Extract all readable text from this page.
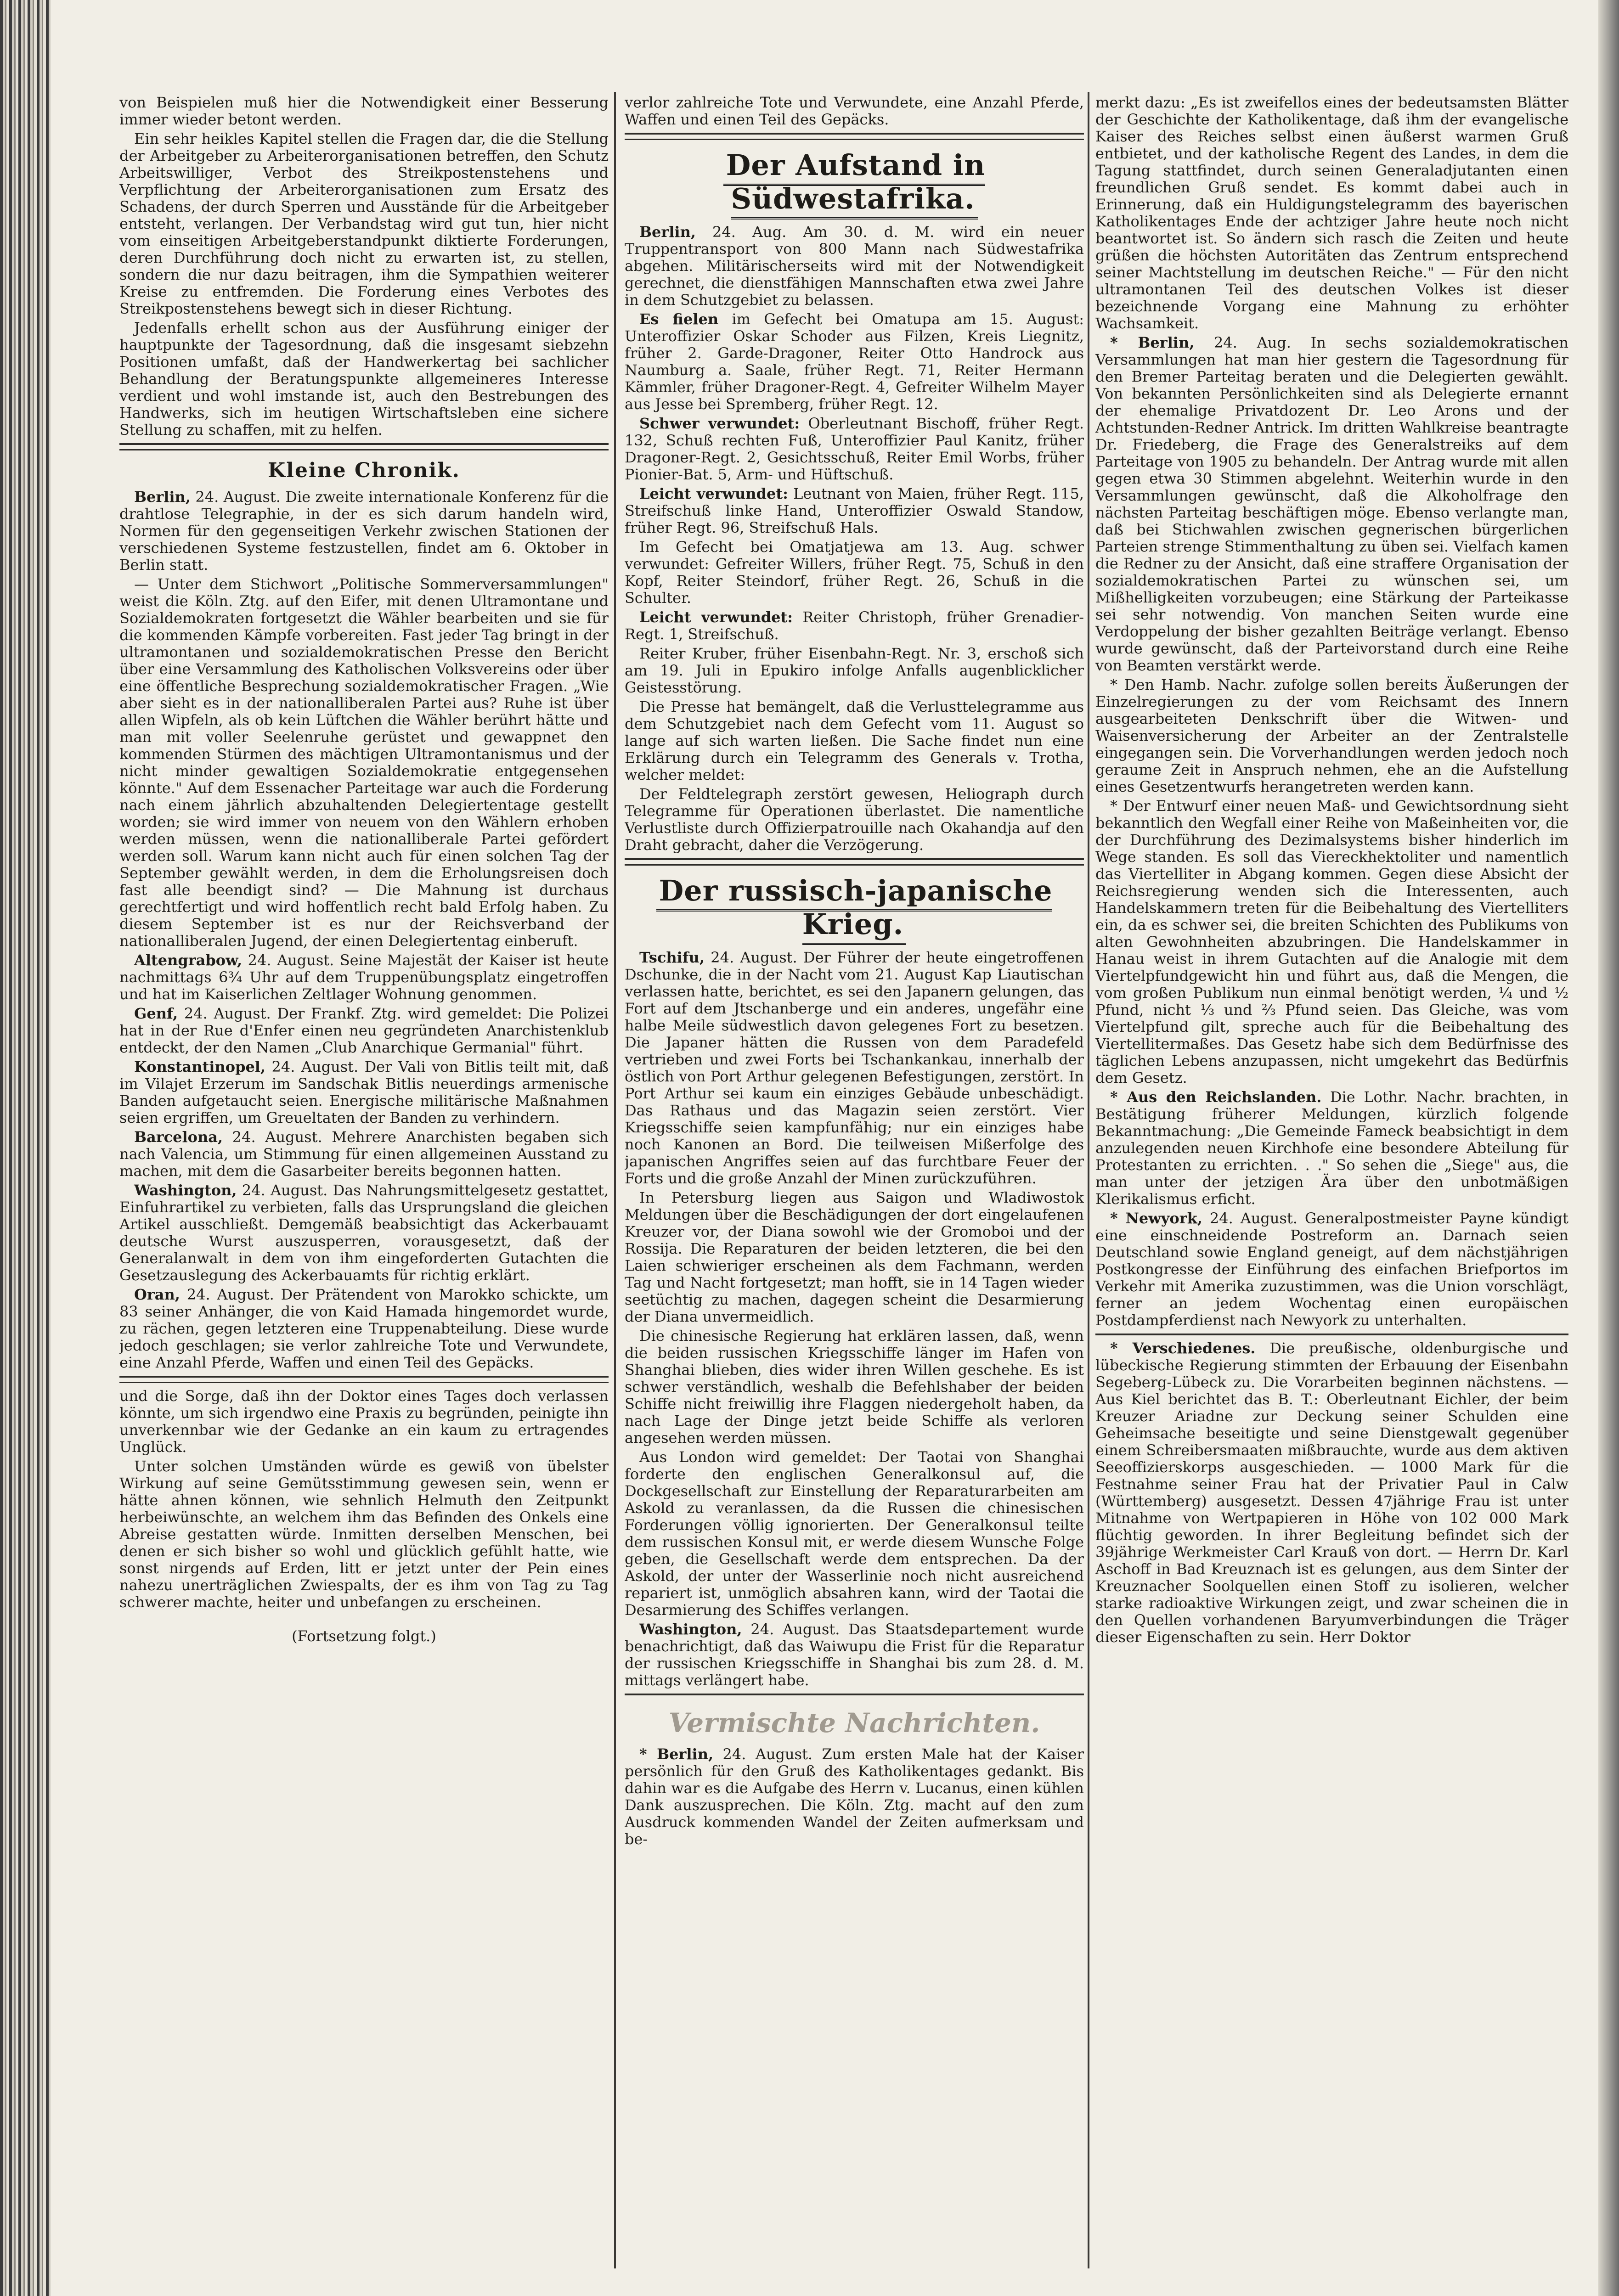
von Beispielen muß hier die Notwendigkeit einer Besserung immer wieder betont werden.

Ein sehr heikles Kapitel stellen die Fragen dar, die die Stellung der Arbeitgeber zu Arbeiterorganisationen betreffen, den Schutz Arbeitswilliger, Verbot des Streikpostenstehens und Verpflichtung der Arbeiterorganisationen zum Ersatz des Schadens, der durch Sperren und Ausstände für die Arbeitgeber entsteht, verlangen. Der Verbandstag wird gut tun, hier nicht vom einseitigen Arbeitgeberstandpunkt diktierte Forderungen, deren Durchführung doch nicht zu erwarten ist, zu stellen, sondern die nur dazu beitragen, ihm die Sympathien weiterer Kreise zu entfremden. Die Forderung eines Verbotes des Streikpostenstehens bewegt sich in dieser Richtung.

Jedenfalls erhellt schon aus der Ausführung einiger der hauptpunkte der Tagesordnung, daß die insgesamt siebzehn Positionen umfaßt, daß der Handwerkertag bei sachlicher Behandlung der Beratungspunkte allgemeineres Interesse verdient und wohl imstande ist, auch den Bestrebungen des Handwerks, sich im heutigen Wirtschaftsleben eine sichere Stellung zu schaffen, mit zu helfen.

Kleine Chronik.

Berlin, 24. August. Die zweite internationale Konferenz für die drahtlose Telegraphie, in der es sich darum handeln wird, Normen für den gegenseitigen Verkehr zwischen Stationen der verschiedenen Systeme festzustellen, findet am 6. Oktober in Berlin statt.

— Unter dem Stichwort „Politische Sommerversammlungen" weist die Köln. Ztg. auf den Eifer, mit denen Ultramontane und Sozialdemokraten fortgesetzt die Wähler bearbeiten und sie für die kommenden Kämpfe vorbereiten. Fast jeder Tag bringt in der ultramontanen und sozialdemokratischen Presse den Bericht über eine Versammlung des Katholischen Volksvereins oder über eine öffentliche Besprechung sozialdemokratischer Fragen. „Wie aber sieht es in der nationalliberalen Partei aus? Ruhe ist über allen Wipfeln, als ob kein Lüftchen die Wähler berührt hätte und man mit voller Seelenruhe gerüstet und gewappnet den kommenden Stürmen des mächtigen Ultramontanismus und der nicht minder gewaltigen Sozialdemokratie entgegensehen könnte." Auf dem Essenacher Parteitage war auch die Forderung nach einem jährlich abzuhaltenden Delegiertentage gestellt worden; sie wird immer von neuem von den Wählern erhoben werden müssen, wenn die nationalliberale Partei gefördert werden soll. Warum kann nicht auch für einen solchen Tag der September gewählt werden, in dem die Erholungsreisen doch fast alle beendigt sind? — Die Mahnung ist durchaus gerechtfertigt und wird hoffentlich recht bald Erfolg haben. Zu diesem September ist es nur der Reichsverband der nationalliberalen Jugend, der einen Delegiertentag einberuft.

Altengrabow, 24. August. Seine Majestät der Kaiser ist heute nachmittags 6¾ Uhr auf dem Truppenübungsplatz eingetroffen und hat im Kaiserlichen Zeltlager Wohnung genommen.

Genf, 24. August. Der Frankf. Ztg. wird gemeldet: Die Polizei hat in der Rue d'Enfer einen neu gegründeten Anarchistenklub entdeckt, der den Namen „Club Anarchique Germanial" führt.

Konstantinopel, 24. August. Der Vali von Bitlis teilt mit, daß im Vilajet Erzerum im Sandschak Bitlis neuerdings armenische Banden aufgetaucht seien. Energische militärische Maßnahmen seien ergriffen, um Greueltaten der Banden zu verhindern.

Barcelona, 24. August. Mehrere Anarchisten begaben sich nach Valencia, um Stimmung für einen allgemeinen Ausstand zu machen, mit dem die Gasarbeiter bereits begonnen hatten.

Washington, 24. August. Das Nahrungsmittelgesetz gestattet, Einfuhrartikel zu verbieten, falls das Ursprungsland die gleichen Artikel ausschließt. Demgemäß beabsichtigt das Ackerbauamt deutsche Wurst auszusperren, vorausgesetzt, daß der Generalanwalt in dem von ihm eingeforderten Gutachten die Gesetzauslegung des Ackerbauamts für richtig erklärt.

Oran, 24. August. Der Prätendent von Marokko schickte, um 83 seiner Anhänger, die von Kaid Hamada hingemordet wurde, zu rächen, gegen letzteren eine Truppenabteilung. Diese wurde jedoch geschlagen; sie verlor zahlreiche Tote und Verwundete, eine Anzahl Pferde, Waffen und einen Teil des Gepäcks.

und die Sorge, daß ihn der Doktor eines Tages doch verlassen könnte, um sich irgendwo eine Praxis zu begründen, peinigte ihn unverkennbar wie der Gedanke an ein kaum zu ertragendes Unglück.

Unter solchen Umständen würde es gewiß von übelster Wirkung auf seine Gemütsstimmung gewesen sein, wenn er hätte ahnen können, wie sehnlich Helmuth den Zeitpunkt herbeiwünschte, an welchem ihm das Befinden des Onkels eine Abreise gestatten würde. Inmitten derselben Menschen, bei denen er sich bisher so wohl und glücklich gefühlt hatte, wie sonst nirgends auf Erden, litt er jetzt unter der Pein eines nahezu unerträglichen Zwiespalts, der es ihm von Tag zu Tag schwerer machte, heiter und unbefangen zu erscheinen.

(Fortsetzung folgt.)

verlor zahlreiche Tote und Verwundete, eine Anzahl Pferde, Waffen und einen Teil des Gepäcks.

Der Aufstand in Südwestafrika.

Berlin, 24. Aug. Am 30. d. M. wird ein neuer Truppentransport von 800 Mann nach Südwestafrika abgehen. Militärischerseits wird mit der Notwendigkeit gerechnet, die dienstfähigen Mannschaften etwa zwei Jahre in dem Schutzgebiet zu belassen.

Es fielen im Gefecht bei Omatupa am 15. August: Unteroffizier Oskar Schoder aus Filzen, Kreis Liegnitz, früher 2. Garde-Dragoner, Reiter Otto Handrock aus Naumburg a. Saale, früher Regt. 71, Reiter Hermann Kämmler, früher Dragoner-Regt. 4, Gefreiter Wilhelm Mayer aus Jesse bei Spremberg, früher Regt. 12.

Schwer verwundet: Oberleutnant Bischoff, früher Regt. 132, Schuß rechten Fuß, Unteroffizier Paul Kanitz, früher Dragoner-Regt. 2, Gesichtsschuß, Reiter Emil Worbs, früher Pionier-Bat. 5, Arm- und Hüftschuß.

Leicht verwundet: Leutnant von Maien, früher Regt. 115, Streifschuß linke Hand, Unteroffizier Oswald Standow, früher Regt. 96, Streifschuß Hals.

Im Gefecht bei Omatjatjewa am 13. Aug. schwer verwundet: Gefreiter Willers, früher Regt. 75, Schuß in den Kopf, Reiter Steindorf, früher Regt. 26, Schuß in die Schulter.

Leicht verwundet: Reiter Christoph, früher Grenadier-Regt. 1, Streifschuß.

Reiter Kruber, früher Eisenbahn-Regt. Nr. 3, erschoß sich am 19. Juli in Epukiro infolge Anfalls augenblicklicher Geistesstörung.

Die Presse hat bemängelt, daß die Verlusttelegramme aus dem Schutzgebiet nach dem Gefecht vom 11. August so lange auf sich warten ließen. Die Sache findet nun eine Erklärung durch ein Telegramm des Generals v. Trotha, welcher meldet:

Der Feldtelegraph zerstört gewesen, Heliograph durch Telegramme für Operationen überlastet. Die namentliche Verlustliste durch Offizierpatrouille nach Okahandja auf den Draht gebracht, daher die Verzögerung.

Der russisch-japanische Krieg.

Tschifu, 24. August. Der Führer der heute eingetroffenen Dschunke, die in der Nacht vom 21. August Kap Liautischan verlassen hatte, berichtet, es sei den Japanern gelungen, das Fort auf dem Jtschanberge und ein anderes, ungefähr eine halbe Meile südwestlich davon gelegenes Fort zu besetzen. Die Japaner hätten die Russen von dem Paradefeld vertrieben und zwei Forts bei Tschankankau, innerhalb der östlich von Port Arthur gelegenen Befestigungen, zerstört. In Port Arthur sei kaum ein einziges Gebäude unbeschädigt. Das Rathaus und das Magazin seien zerstört. Vier Kriegsschiffe seien kampfunfähig; nur ein einziges habe noch Kanonen an Bord. Die teilweisen Mißerfolge des japanischen Angriffes seien auf das furchtbare Feuer der Forts und die große Anzahl der Minen zurückzuführen.

In Petersburg liegen aus Saigon und Wladiwostok Meldungen über die Beschädigungen der dort eingelaufenen Kreuzer vor, der Diana sowohl wie der Gromoboi und der Rossija. Die Reparaturen der beiden letzteren, die bei den Laien schwieriger erscheinen als dem Fachmann, werden Tag und Nacht fortgesetzt; man hofft, sie in 14 Tagen wieder seetüchtig zu machen, dagegen scheint die Desarmierung der Diana unvermeidlich.

Die chinesische Regierung hat erklären lassen, daß, wenn die beiden russischen Kriegsschiffe länger im Hafen von Shanghai blieben, dies wider ihren Willen geschehe. Es ist schwer verständlich, weshalb die Befehlshaber der beiden Schiffe nicht freiwillig ihre Flaggen niedergeholt haben, da nach Lage der Dinge jetzt beide Schiffe als verloren angesehen werden müssen.

Aus London wird gemeldet: Der Taotai von Shanghai forderte den englischen Generalkonsul auf, die Dockgesellschaft zur Einstellung der Reparaturarbeiten am Askold zu veranlassen, da die Russen die chinesischen Forderungen völlig ignorierten. Der Generalkonsul teilte dem russischen Konsul mit, er werde diesem Wunsche Folge geben, die Gesellschaft werde dem entsprechen. Da der Askold, der unter der Wasserlinie noch nicht ausreichend repariert ist, unmöglich absahren kann, wird der Taotai die Desarmierung des Schiffes verlangen.

Washington, 24. August. Das Staatsdepartement wurde benachrichtigt, daß das Waiwupu die Frist für die Reparatur der russischen Kriegsschiffe in Shanghai bis zum 28. d. M. mittags verlängert habe.

Vermischte Nachrichten.

* Berlin, 24. August. Zum ersten Male hat der Kaiser persönlich für den Gruß des Katholikentages gedankt. Bis dahin war es die Aufgabe des Herrn v. Lucanus, einen kühlen Dank auszusprechen. Die Köln. Ztg. macht auf den zum Ausdruck kommenden Wandel der Zeiten aufmerksam und be-

merkt dazu: „Es ist zweifellos eines der bedeutsamsten Blätter der Geschichte der Katholikentage, daß ihm der evangelische Kaiser des Reiches selbst einen äußerst warmen Gruß entbietet, und der katholische Regent des Landes, in dem die Tagung stattfindet, durch seinen Generaladjutanten einen freundlichen Gruß sendet. Es kommt dabei auch in Erinnerung, daß ein Huldigungstelegramm des bayerischen Katholikentages Ende der achtziger Jahre heute noch nicht beantwortet ist. So ändern sich rasch die Zeiten und heute grüßen die höchsten Autoritäten das Zentrum entsprechend seiner Machtstellung im deutschen Reiche." — Für den nicht ultramontanen Teil des deutschen Volkes ist dieser bezeichnende Vorgang eine Mahnung zu erhöhter Wachsamkeit.

* Berlin, 24. Aug. In sechs sozialdemokratischen Versammlungen hat man hier gestern die Tagesordnung für den Bremer Parteitag beraten und die Delegierten gewählt. Von bekannten Persönlichkeiten sind als Delegierte ernannt der ehemalige Privatdozent Dr. Leo Arons und der Achtstunden-Redner Antrick. Im dritten Wahlkreise beantragte Dr. Friedeberg, die Frage des Generalstreiks auf dem Parteitage von 1905 zu behandeln. Der Antrag wurde mit allen gegen etwa 30 Stimmen abgelehnt. Weiterhin wurde in den Versammlungen gewünscht, daß die Alkoholfrage den nächsten Parteitag beschäftigen möge. Ebenso verlangte man, daß bei Stichwahlen zwischen gegnerischen bürgerlichen Parteien strenge Stimmenthaltung zu üben sei. Vielfach kamen die Redner zu der Ansicht, daß eine straffere Organisation der sozialdemokratischen Partei zu wünschen sei, um Mißhelligkeiten vorzubeugen; eine Stärkung der Parteikasse sei sehr notwendig. Von manchen Seiten wurde eine Verdoppelung der bisher gezahlten Beiträge verlangt. Ebenso wurde gewünscht, daß der Parteivorstand durch eine Reihe von Beamten verstärkt werde.

* Den Hamb. Nachr. zufolge sollen bereits Äußerungen der Einzelregierungen zu der vom Reichsamt des Innern ausgearbeiteten Denkschrift über die Witwen- und Waisenversicherung der Arbeiter an der Zentralstelle eingegangen sein. Die Vorverhandlungen werden jedoch noch geraume Zeit in Anspruch nehmen, ehe an die Aufstellung eines Gesetzentwurfs herangetreten werden kann.

* Der Entwurf einer neuen Maß- und Gewichtsordnung sieht bekanntlich den Wegfall einer Reihe von Maßeinheiten vor, die der Durchführung des Dezimalsystems bisher hinderlich im Wege standen. Es soll das Viereckhektoliter und namentlich das Viertelliter in Abgang kommen. Gegen diese Absicht der Reichsregierung wenden sich die Interessenten, auch Handelskammern treten für die Beibehaltung des Viertelliters ein, da es schwer sei, die breiten Schichten des Publikums von alten Gewohnheiten abzubringen. Die Handelskammer in Hanau weist in ihrem Gutachten auf die Analogie mit dem Viertelpfundgewicht hin und führt aus, daß die Mengen, die vom großen Publikum nun einmal benötigt werden, ¼ und ½ Pfund, nicht ⅓ und ⅔ Pfund seien. Das Gleiche, was vom Viertelpfund gilt, spreche auch für die Beibehaltung des Viertellitermaßes. Das Gesetz habe sich dem Bedürfnisse des täglichen Lebens anzupassen, nicht umgekehrt das Bedürfnis dem Gesetz.

* Aus den Reichslanden. Die Lothr. Nachr. brachten, in Bestätigung früherer Meldungen, kürzlich folgende Bekanntmachung: „Die Gemeinde Fameck beabsichtigt in dem anzulegenden neuen Kirchhofe eine besondere Abteilung für Protestanten zu errichten. . ." So sehen die „Siege" aus, die man unter der jetzigen Ära über den unbotmäßigen Klerikalismus erficht.

* Newyork, 24. August. Generalpostmeister Payne kündigt eine einschneidende Postreform an. Darnach seien Deutschland sowie England geneigt, auf dem nächstjährigen Postkongresse der Einführung des einfachen Briefportos im Verkehr mit Amerika zuzustimmen, was die Union vorschlägt, ferner an jedem Wochentag einen europäischen Postdampferdienst nach Newyork zu unterhalten.

* Verschiedenes. Die preußische, oldenburgische und lübeckische Regierung stimmten der Erbauung der Eisenbahn Segeberg-Lübeck zu. Die Vorarbeiten beginnen nächstens. — Aus Kiel berichtet das B. T.: Oberleutnant Eichler, der beim Kreuzer Ariadne zur Deckung seiner Schulden eine Geheimsache beseitigte und seine Dienstgewalt gegenüber einem Schreibersmaaten mißbrauchte, wurde aus dem aktiven Seeoffizierskorps ausgeschieden. — 1000 Mark für die Festnahme seiner Frau hat der Privatier Paul in Calw (Württemberg) ausgesetzt. Dessen 47jährige Frau ist unter Mitnahme von Wertpapieren in Höhe von 102 000 Mark flüchtig geworden. In ihrer Begleitung befindet sich der 39jährige Werkmeister Carl Krauß von dort. — Herrn Dr. Karl Aschoff in Bad Kreuznach ist es gelungen, aus dem Sinter der Kreuznacher Soolquellen einen Stoff zu isolieren, welcher starke radioaktive Wirkungen zeigt, und zwar scheinen die in den Quellen vorhandenen Baryumverbindungen die Träger dieser Eigenschaften zu sein. Herr Doktor
